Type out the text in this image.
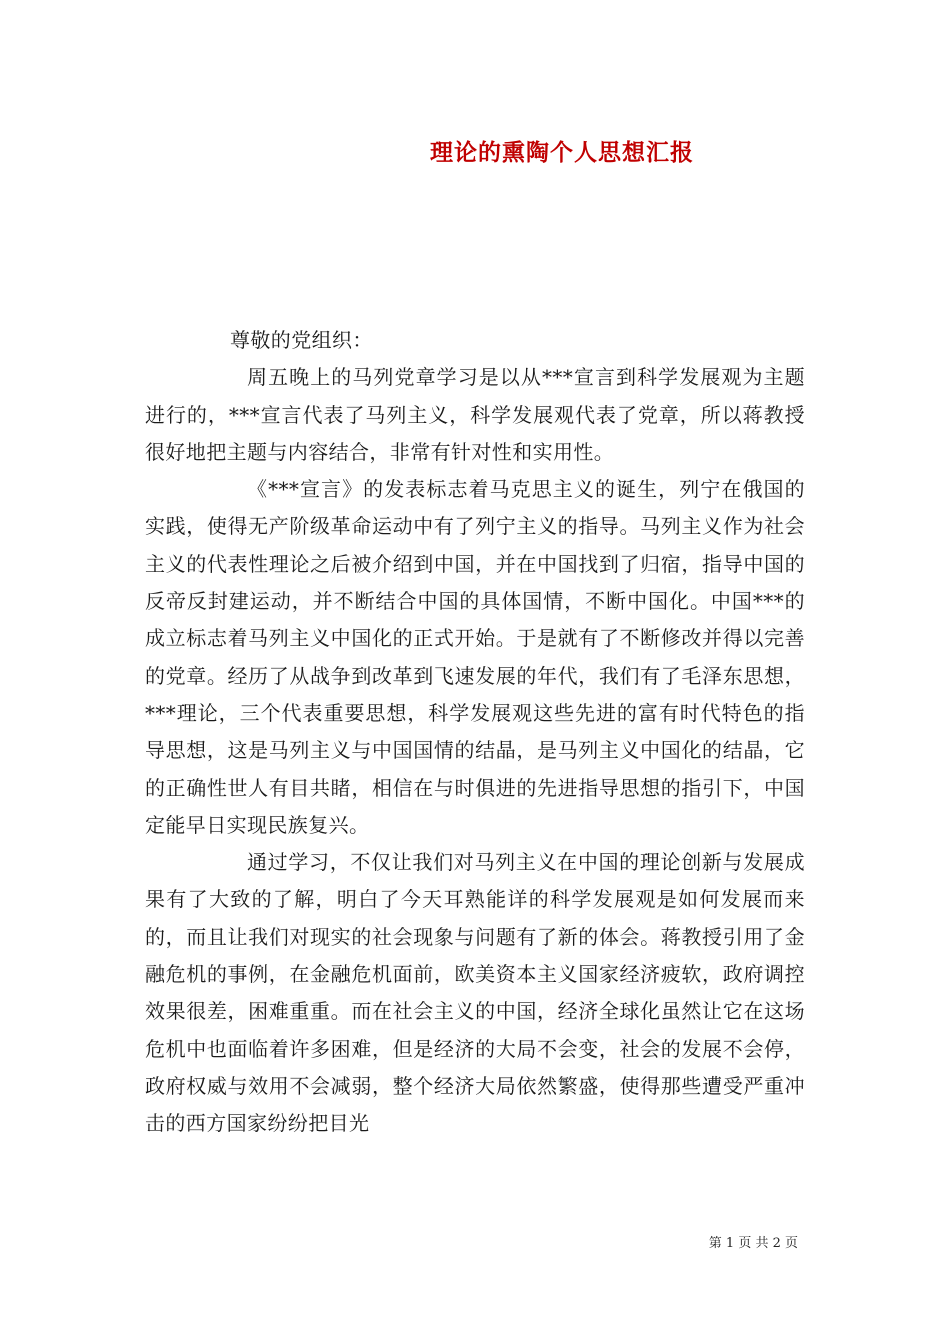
理论的熏陶个人思想汇报
尊敬的党组织：

周五晚上的马列党章学习是以从***宣言到科学发展观为主题进行的，***宣言代表了马列主义，科学发展观代表了党章，所以蒋教授很好地把主题与内容结合，非常有针对性和实用性。

《***宣言》的发表标志着马克思主义的诞生，列宁在俄国的实践，使得无产阶级革命运动中有了列宁主义的指导。马列主义作为社会主义的代表性理论之后被介绍到中国，并在中国找到了归宿，指导中国的反帝反封建运动，并不断结合中国的具体国情，不断中国化。中国***的成立标志着马列主义中国化的正式开始。于是就有了不断修改并得以完善的党章。经历了从战争到改革到飞速发展的年代，我们有了毛泽东思想，***理论，三个代表重要思想，科学发展观这些先进的富有时代特色的指导思想，这是马列主义与中国国情的结晶，是马列主义中国化的结晶，它的正确性世人有目共睹，相信在与时俱进的先进指导思想的指引下，中国定能早日实现民族复兴。

通过学习，不仅让我们对马列主义在中国的理论创新与发展成果有了大致的了解，明白了今天耳熟能详的科学发展观是如何发展而来的，而且让我们对现实的社会现象与问题有了新的体会。蒋教授引用了金融危机的事例，在金融危机面前，欧美资本主义国家经济疲软，政府调控效果很差，困难重重。而在社会主义的中国，经济全球化虽然让它在这场危机中也面临着许多困难，但是经济的大局不会变，社会的发展不会停，政府权威与效用不会减弱，整个经济大局依然繁盛，使得那些遭受严重冲击的西方国家纷纷把目光

第 1 页 共 2 页
